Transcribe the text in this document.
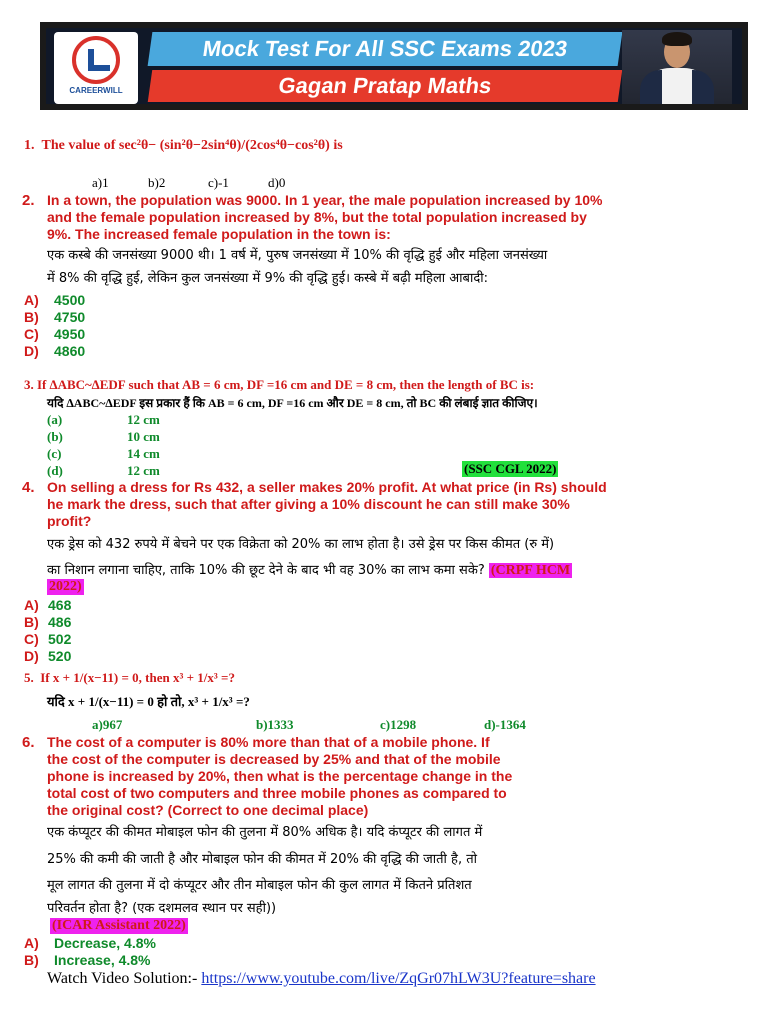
CAREERWILL
Mock Test For All SSC Exams 2023
Gagan Pratap Maths
1. The value of sec²θ− (sin²θ−2sin⁴θ)/(2cos⁴θ−cos²θ) is
a)1	b)2	c)-1	d)0
2. In a town, the population was 9000. In 1 year, the male population increased by 10%
and the female population increased by 8%, but the total population increased by
9%. The increased female population in the town is:
एक कस्बे की जनसंख्या 9000 थी। 1 वर्ष में, पुरुष जनसंख्या में 10% की वृद्धि हुई और महिला जनसंख्या
में 8% की वृद्धि हुई, लेकिन कुल जनसंख्या में 9% की वृद्धि हुई। कस्बे में बढ़ी महिला आबादी:
A) 4500
B) 4750
C) 4950
D) 4860
3. If ∆ABC~∆EDF such that AB = 6 cm, DF =16 cm and DE = 8 cm, then the length of BC is:
यदि ∆ABC~∆EDF इस प्रकार हैं कि AB = 6 cm, DF =16 cm और DE = 8 cm, तो BC की लंबाई ज्ञात कीजिए।
(a)	12 cm
(b)	10 cm
(c)	14 cm
(d)	12 cm	(SSC CGL 2022)
4. On selling a dress for Rs 432, a seller makes 20% profit. At what price (in Rs) should
he mark the dress, such that after giving a 10% discount he can still make 30%
profit?
एक ड्रेस को 432 रुपये में बेचने पर एक विक्रेता को 20% का लाभ होता है। उसे ड्रेस पर किस कीमत (रु में)
का निशान लगाना चाहिए, ताकि 10% की छूट देने के बाद भी वह 30% का लाभ कमा सके? (CRPF HCM
2022)
A) 468
B) 486
C) 502
D) 520
5. If x + 1/(x−11) = 0, then x³ + 1/x³ =?
यदि x + 1/(x−11) = 0 हो तो, x³ + 1/x³ =?
a)967	b)1333	c)1298	d)-1364
6. The cost of a computer is 80% more than that of a mobile phone. If
the cost of the computer is decreased by 25% and that of the mobile
phone is increased by 20%, then what is the percentage change in the
total cost of two computers and three mobile phones as compared to
the original cost? (Correct to one decimal place)
एक कंप्यूटर की कीमत मोबाइल फोन की तुलना में 80% अधिक है। यदि कंप्यूटर की लागत में
25% की कमी की जाती है और मोबाइल फोन की कीमत में 20% की वृद्धि की जाती है, तो
मूल लागत की तुलना में दो कंप्यूटर और तीन मोबाइल फोन की कुल लागत में कितने प्रतिशत
परिवर्तन होता है? (एक दशमलव स्थान पर सही))
(ICAR Assistant 2022)
A) Decrease, 4.8%
B) Increase, 4.8%
Watch Video Solution:- https://www.youtube.com/live/ZqGr07hLW3U?feature=share
